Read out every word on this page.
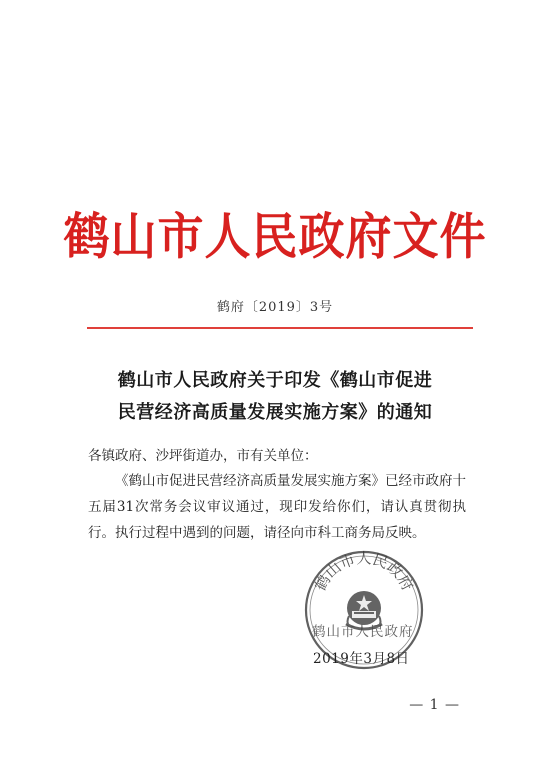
鹤山市人民政府文件
鹤府〔2019〕3号
鹤山市人民政府关于印发《鹤山市促进
民营经济高质量发展实施方案》的通知
各镇政府、沙坪街道办，市有关单位：
《鹤山市促进民营经济高质量发展实施方案》已经市政府十五届31次常务会议审议通过，现印发给你们，请认真贯彻执行。执行过程中遇到的问题，请径向市科工商务局反映。
鹤山市人民政府
鹤山市人民政府
2019年3月8日
— 1 —
